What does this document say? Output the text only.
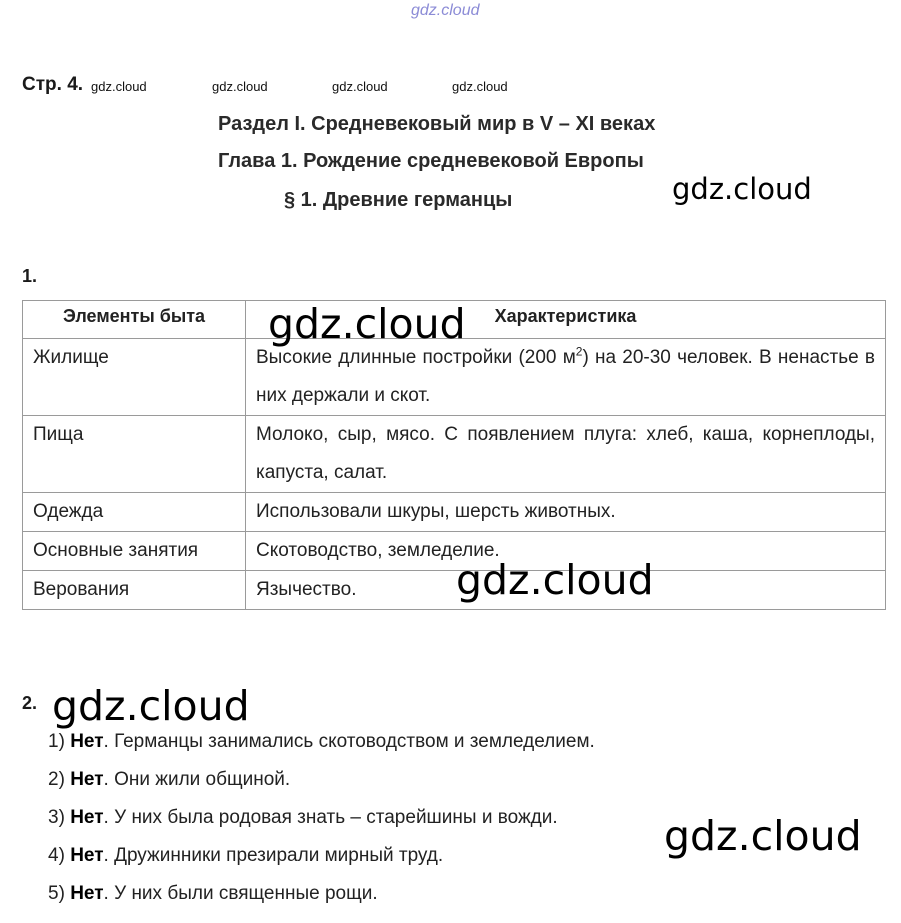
gdz.cloud
Стр. 4. gdz.cloud	gdz.cloud	gdz.cloud	gdz.cloud
Раздел I. Средневековый мир в V – XI веках
Глава 1. Рождение средневековой Европы
§ 1. Древние германцы	gdz.cloud
1.
Элементы быта	Характеристика
Жилище	Высокие длинные постройки (200 $м^2$) на 20-30 человек. В ненастье в них держали и скот.
Пища	Молоко, сыр, мясо. С появлением плуга: хлеб, каша, корнеплоды, капуста, салат.
Одежда	Использовали шкуры, шерсть животных.
Основные занятия	Скотоводство, земледелие.
Верования	Язычество.
gdz.cloud
gdz.cloud
2. gdz.cloud
1) Нет. Германцы занимались скотоводством и земледелием.
2) Нет. Они жили общиной.
3) Нет. У них была родовая знать – старейшины и вожди.
4) Нет. Дружинники презирали мирный труд.
5) Нет. У них были священные рощи.
gdz.cloud
